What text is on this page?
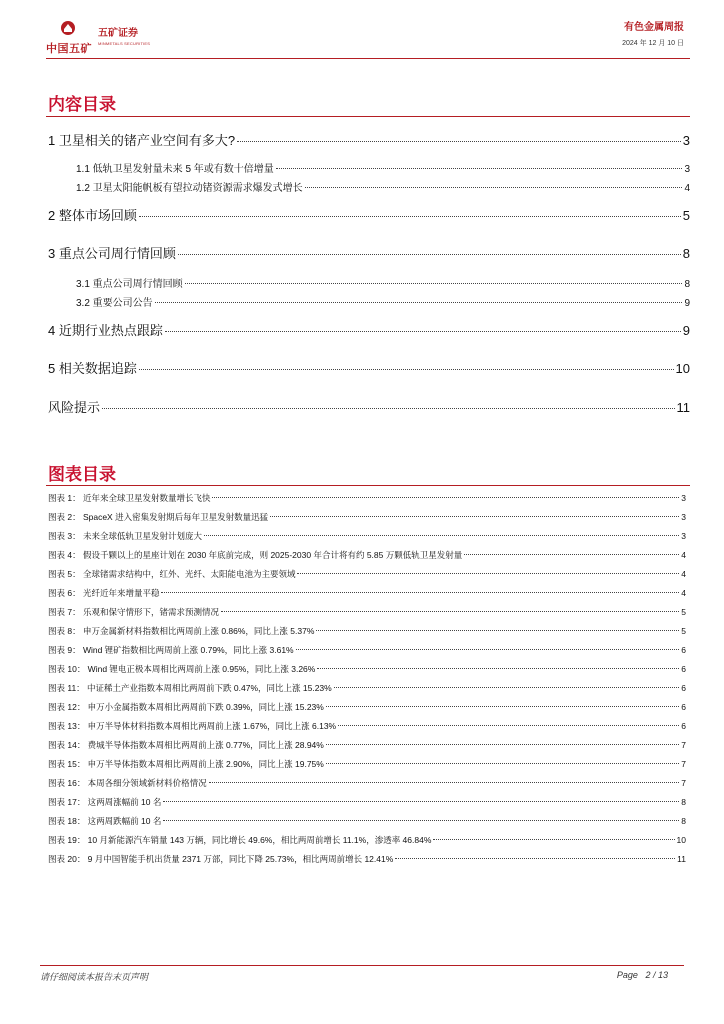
中国五矿
五矿证券
MINMETALS SECURITIES
有色金属周报
2024 年 12 月 10 日
内容目录
1 卫星相关的锗产业空间有多大?	3
1.1 低轨卫星发射量未来 5 年或有数十倍增量	3
1.2 卫星太阳能帆板有望拉动锗资源需求爆发式增长	4
2 整体市场回顾	5
3 重点公司周行情回顾	8
3.1 重点公司周行情回顾	8
3.2 重要公司公告	9
4 近期行业热点跟踪	9
5 相关数据追踪	10
风险提示	11
图表目录
图表 1： 近年来全球卫星发射数量增长飞快	3
图表 2： SpaceX 进入密集发射期后每年卫星发射数量迅猛	3
图表 3： 未来全球低轨卫星发射计划庞大	3
图表 4： 假设千颗以上的星座计划在 2030 年底前完成，则 2025-2030 年合计将有约 5.85 万颗低轨卫星发射量	4
图表 5： 全球锗需求结构中，红外、光纤、太阳能电池为主要领域	4
图表 6： 光纤近年来增量平稳	4
图表 7： 乐观和保守情形下，锗需求预测情况	5
图表 8： 申万金属新材料指数相比两周前上涨 0.86%，同比上涨 5.37%	5
图表 9： Wind 锂矿指数相比两周前上涨 0.79%，同比上涨 3.61%	6
图表 10： Wind 锂电正极本周相比两周前上涨 0.95%，同比上涨 3.26%	6
图表 11： 中证稀土产业指数本周相比两周前下跌 0.47%，同比上涨 15.23%	6
图表 12： 申万小金属指数本周相比两周前下跌 0.39%，同比上涨 15.23%	6
图表 13： 申万半导体材料指数本周相比两周前上涨 1.67%，同比上涨 6.13%	6
图表 14： 费城半导体指数本周相比两周前上涨 0.77%，同比上涨 28.94%	7
图表 15： 申万半导体指数本周相比两周前上涨 2.90%，同比上涨 19.75%	7
图表 16： 本周各细分领域新材料价格情况	7
图表 17： 这两周涨幅前 10 名	8
图表 18： 这两周跌幅前 10 名	8
图表 19： 10 月新能源汽车销量 143 万辆，同比增长 49.6%，相比两周前增长 11.1%，渗透率 46.84%	10
图表 20： 9 月中国智能手机出货量 2371 万部，同比下降 25.73%，相比两周前增长 12.41%	11
请仔细阅读本报告末页声明	Page 2 / 13
